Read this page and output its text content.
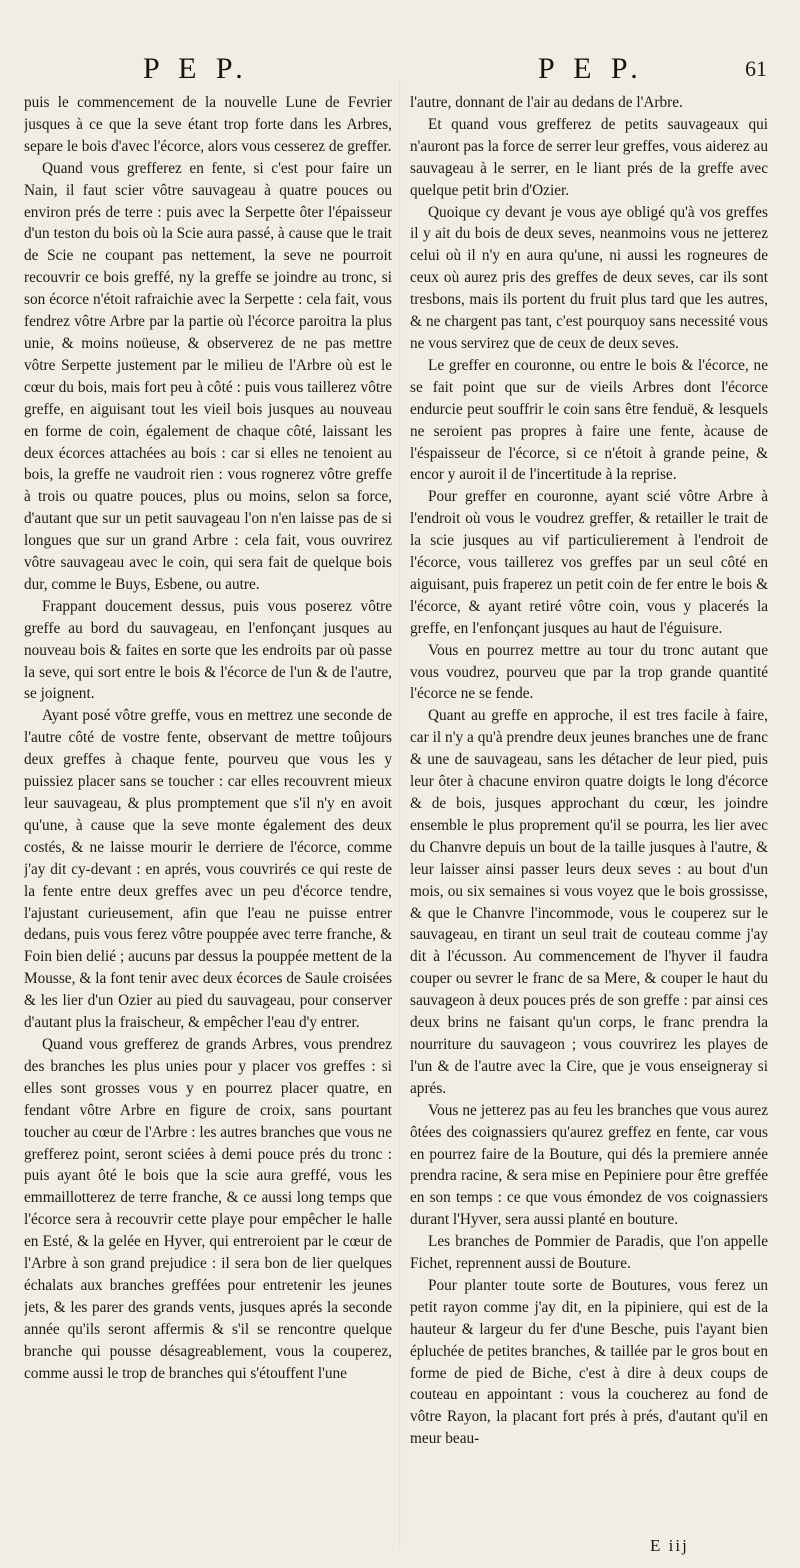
P E P.	P E P.	61

puis le commencement de la nouvelle Lune de Fevrier jusques à ce que la seve étant trop forte dans les Arbres, separe le bois d'avec l'écorce, alors vous cesserez de greffer.

Quand vous grefferez en fente, si c'est pour faire un Nain, il faut scier vôtre sauvageau à quatre pouces ou environ prés de terre : puis avec la Serpette ôter l'épaisseur d'un teston du bois où la Scie aura passé, à cause que le trait de Scie ne coupant pas nettement, la seve ne pourroit recouvrir ce bois greffé, ny la greffe se joindre au tronc, si son écorce n'étoit rafraichie avec la Serpette : cela fait, vous fendrez vôtre Arbre par la partie où l'écorce paroitra la plus unie, & moins noüeuse, & observerez de ne pas mettre vôtre Serpette justement par le milieu de l'Arbre où est le cœur du bois, mais fort peu à côté : puis vous taillerez vôtre greffe, en aiguisant tout les vieil bois jusques au nouveau en forme de coin, également de chaque côté, laissant les deux écorces attachées au bois : car si elles ne tenoient au bois, la greffe ne vaudroit rien : vous rognerez vôtre greffe à trois ou quatre pouces, plus ou moins, selon sa force, d'autant que sur un petit sauvageau l'on n'en laisse pas de si longues que sur un grand Arbre : cela fait, vous ouvrirez vôtre sauvageau avec le coin, qui sera fait de quelque bois dur, comme le Buys, Esbene, ou autre.

Frappant doucement dessus, puis vous poserez vôtre greffe au bord du sauvageau, en l'enfonçant jusques au nouveau bois & faites en sorte que les endroits par où passe la seve, qui sort entre le bois & l'écorce de l'un & de l'autre, se joignent.

Ayant posé vôtre greffe, vous en mettrez une seconde de l'autre côté de vostre fente, observant de mettre toûjours deux greffes à chaque fente, pourveu que vous les y puissiez placer sans se toucher : car elles recouvrent mieux leur sauvageau, & plus promptement que s'il n'y en avoit qu'une, à cause que la seve monte également des deux costés, & ne laisse mourir le derriere de l'écorce, comme j'ay dit cy-devant : en aprés, vous couvrirés ce qui reste de la fente entre deux greffes avec un peu d'écorce tendre, l'ajustant curieusement, afin que l'eau ne puisse entrer dedans, puis vous ferez vôtre pouppée avec terre franche, & Foin bien delié ; aucuns par dessus la pouppée mettent de la Mousse, & la font tenir avec deux écorces de Saule croisées & les lier d'un Ozier au pied du sauvageau, pour conserver d'autant plus la fraischeur, & empêcher l'eau d'y entrer.

Quand vous grefferez de grands Arbres, vous prendrez des branches les plus unies pour y placer vos greffes : si elles sont grosses vous y en pourrez placer quatre, en fendant vôtre Arbre en figure de croix, sans pourtant toucher au cœur de l'Arbre : les autres branches que vous ne grefferez point, seront sciées à demi pouce prés du tronc : puis ayant ôté le bois que la scie aura greffé, vous les emmaillotterez de terre franche, & ce aussi long temps que l'écorce sera à recouvrir cette playe pour empêcher le halle en Esté, & la gelée en Hyver, qui entreroient par le cœur de l'Arbre à son grand prejudice : il sera bon de lier quelques échalats aux branches greffées pour entretenir les jeunes jets, & les parer des grands vents, jusques aprés la seconde année qu'ils seront affermis & s'il se rencontre quelque branche qui pousse désagreablement, vous la couperez, comme aussi le trop de branches qui s'étouffent l'une

l'autre, donnant de l'air au dedans de l'Arbre.

Et quand vous grefferez de petits sauvageaux qui n'auront pas la force de serrer leur greffes, vous aiderez au sauvageau à le serrer, en le liant prés de la greffe avec quelque petit brin d'Ozier.

Quoique cy devant je vous aye obligé qu'à vos greffes il y ait du bois de deux seves, neanmoins vous ne jetterez celui où il n'y en aura qu'une, ni aussi les rogneures de ceux où aurez pris des greffes de deux seves, car ils sont tresbons, mais ils portent du fruit plus tard que les autres, & ne chargent pas tant, c'est pourquoy sans necessité vous ne vous servirez que de ceux de deux seves.

Le greffer en couronne, ou entre le bois & l'écorce, ne se fait point que sur de vieils Arbres dont l'écorce endurcie peut souffrir le coin sans être fenduë, & lesquels ne seroient pas propres à faire une fente, àcause de l'éspaisseur de l'écorce, si ce n'étoit à grande peine, & encor y auroit il de l'incertitude à la reprise.

Pour greffer en couronne, ayant scié vôtre Arbre à l'endroit où vous le voudrez greffer, & retailler le trait de la scie jusques au vif particulierement à l'endroit de l'écorce, vous taillerez vos greffes par un seul côté en aiguisant, puis fraperez un petit coin de fer entre le bois & l'écorce, & ayant retiré vôtre coin, vous y placerés la greffe, en l'enfonçant jusques au haut de l'éguisure.

Vous en pourrez mettre au tour du tronc autant que vous voudrez, pourveu que par la trop grande quantité l'écorce ne se fende.

Quant au greffe en approche, il est tres facile à faire, car il n'y a qu'à prendre deux jeunes branches une de franc & une de sauvageau, sans les détacher de leur pied, puis leur ôter à chacune environ quatre doigts le long d'écorce & de bois, jusques approchant du cœur, les joindre ensemble le plus proprement qu'il se pourra, les lier avec du Chanvre depuis un bout de la taille jusques à l'autre, & leur laisser ainsi passer leurs deux seves : au bout d'un mois, ou six semaines si vous voyez que le bois grossisse, & que le Chanvre l'incommode, vous le couperez sur le sauvageau, en tirant un seul trait de couteau comme j'ay dit à l'écusson. Au commencement de l'hyver il faudra couper ou sevrer le franc de sa Mere, & couper le haut du sauvageon à deux pouces prés de son greffe : par ainsi ces deux brins ne faisant qu'un corps, le franc prendra la nourriture du sauvageon ; vous couvrirez les playes de l'un & de l'autre avec la Cire, que je vous enseigneray si aprés.

Vous ne jetterez pas au feu les branches que vous aurez ôtées des coignassiers qu'aurez greffez en fente, car vous en pourrez faire de la Bouture, qui dés la premiere année prendra racine, & sera mise en Pepiniere pour être greffée en son temps : ce que vous émondez de vos coignassiers durant l'Hyver, sera aussi planté en bouture.

Les branches de Pommier de Paradis, que l'on appelle Fichet, reprennent aussi de Bouture.

Pour planter toute sorte de Boutures, vous ferez un petit rayon comme j'ay dit, en la pipiniere, qui est de la hauteur & largeur du fer d'une Besche, puis l'ayant bien épluchée de petites branches, & taillée par le gros bout en forme de pied de Biche, c'est à dire à deux coups de couteau en appointant : vous la coucherez au fond de vôtre Rayon, la placant fort prés à prés, d'autant qu'il en meur beau-

E iij
